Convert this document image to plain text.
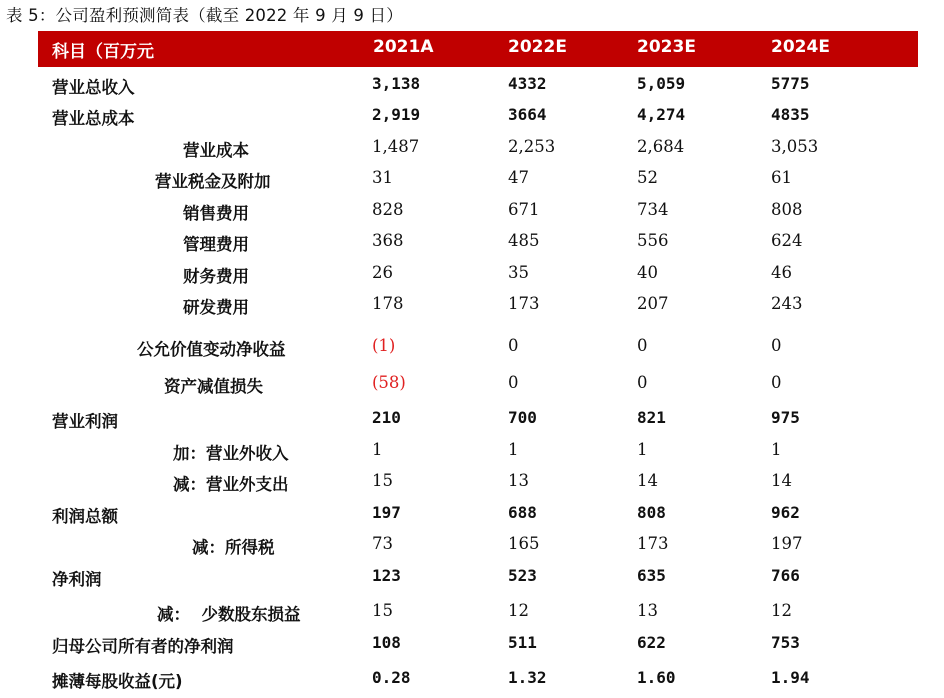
表 5：公司盈利预测简表（截至 2022 年 9 月 9 日）
科目（百万元	2021A	2022E	2023E	2024E
营业总收入	3,138	4332	5,059	5775
营业总成本	2,919	3664	4,274	4835
营业成本	1,487	2,253	2,684	3,053
营业税金及附加	31	47	52	61
销售费用	828	671	734	808
管理费用	368	485	556	624
财务费用	26	35	40	46
研发费用	178	173	207	243
公允价值变动净收益	(1)	0	0	0
资产减值损失	(58)	0	0	0
营业利润	210	700	821	975
加：营业外收入	1	1	1	1
减：营业外支出	15	13	14	14
利润总额	197	688	808	962
减：所得税	73	165	173	197
净利润	123	523	635	766
减：  少数股东损益	15	12	13	12
归母公司所有者的净利润	108	511	622	753
摊薄每股收益(元)	0.28	1.32	1.60	1.94
